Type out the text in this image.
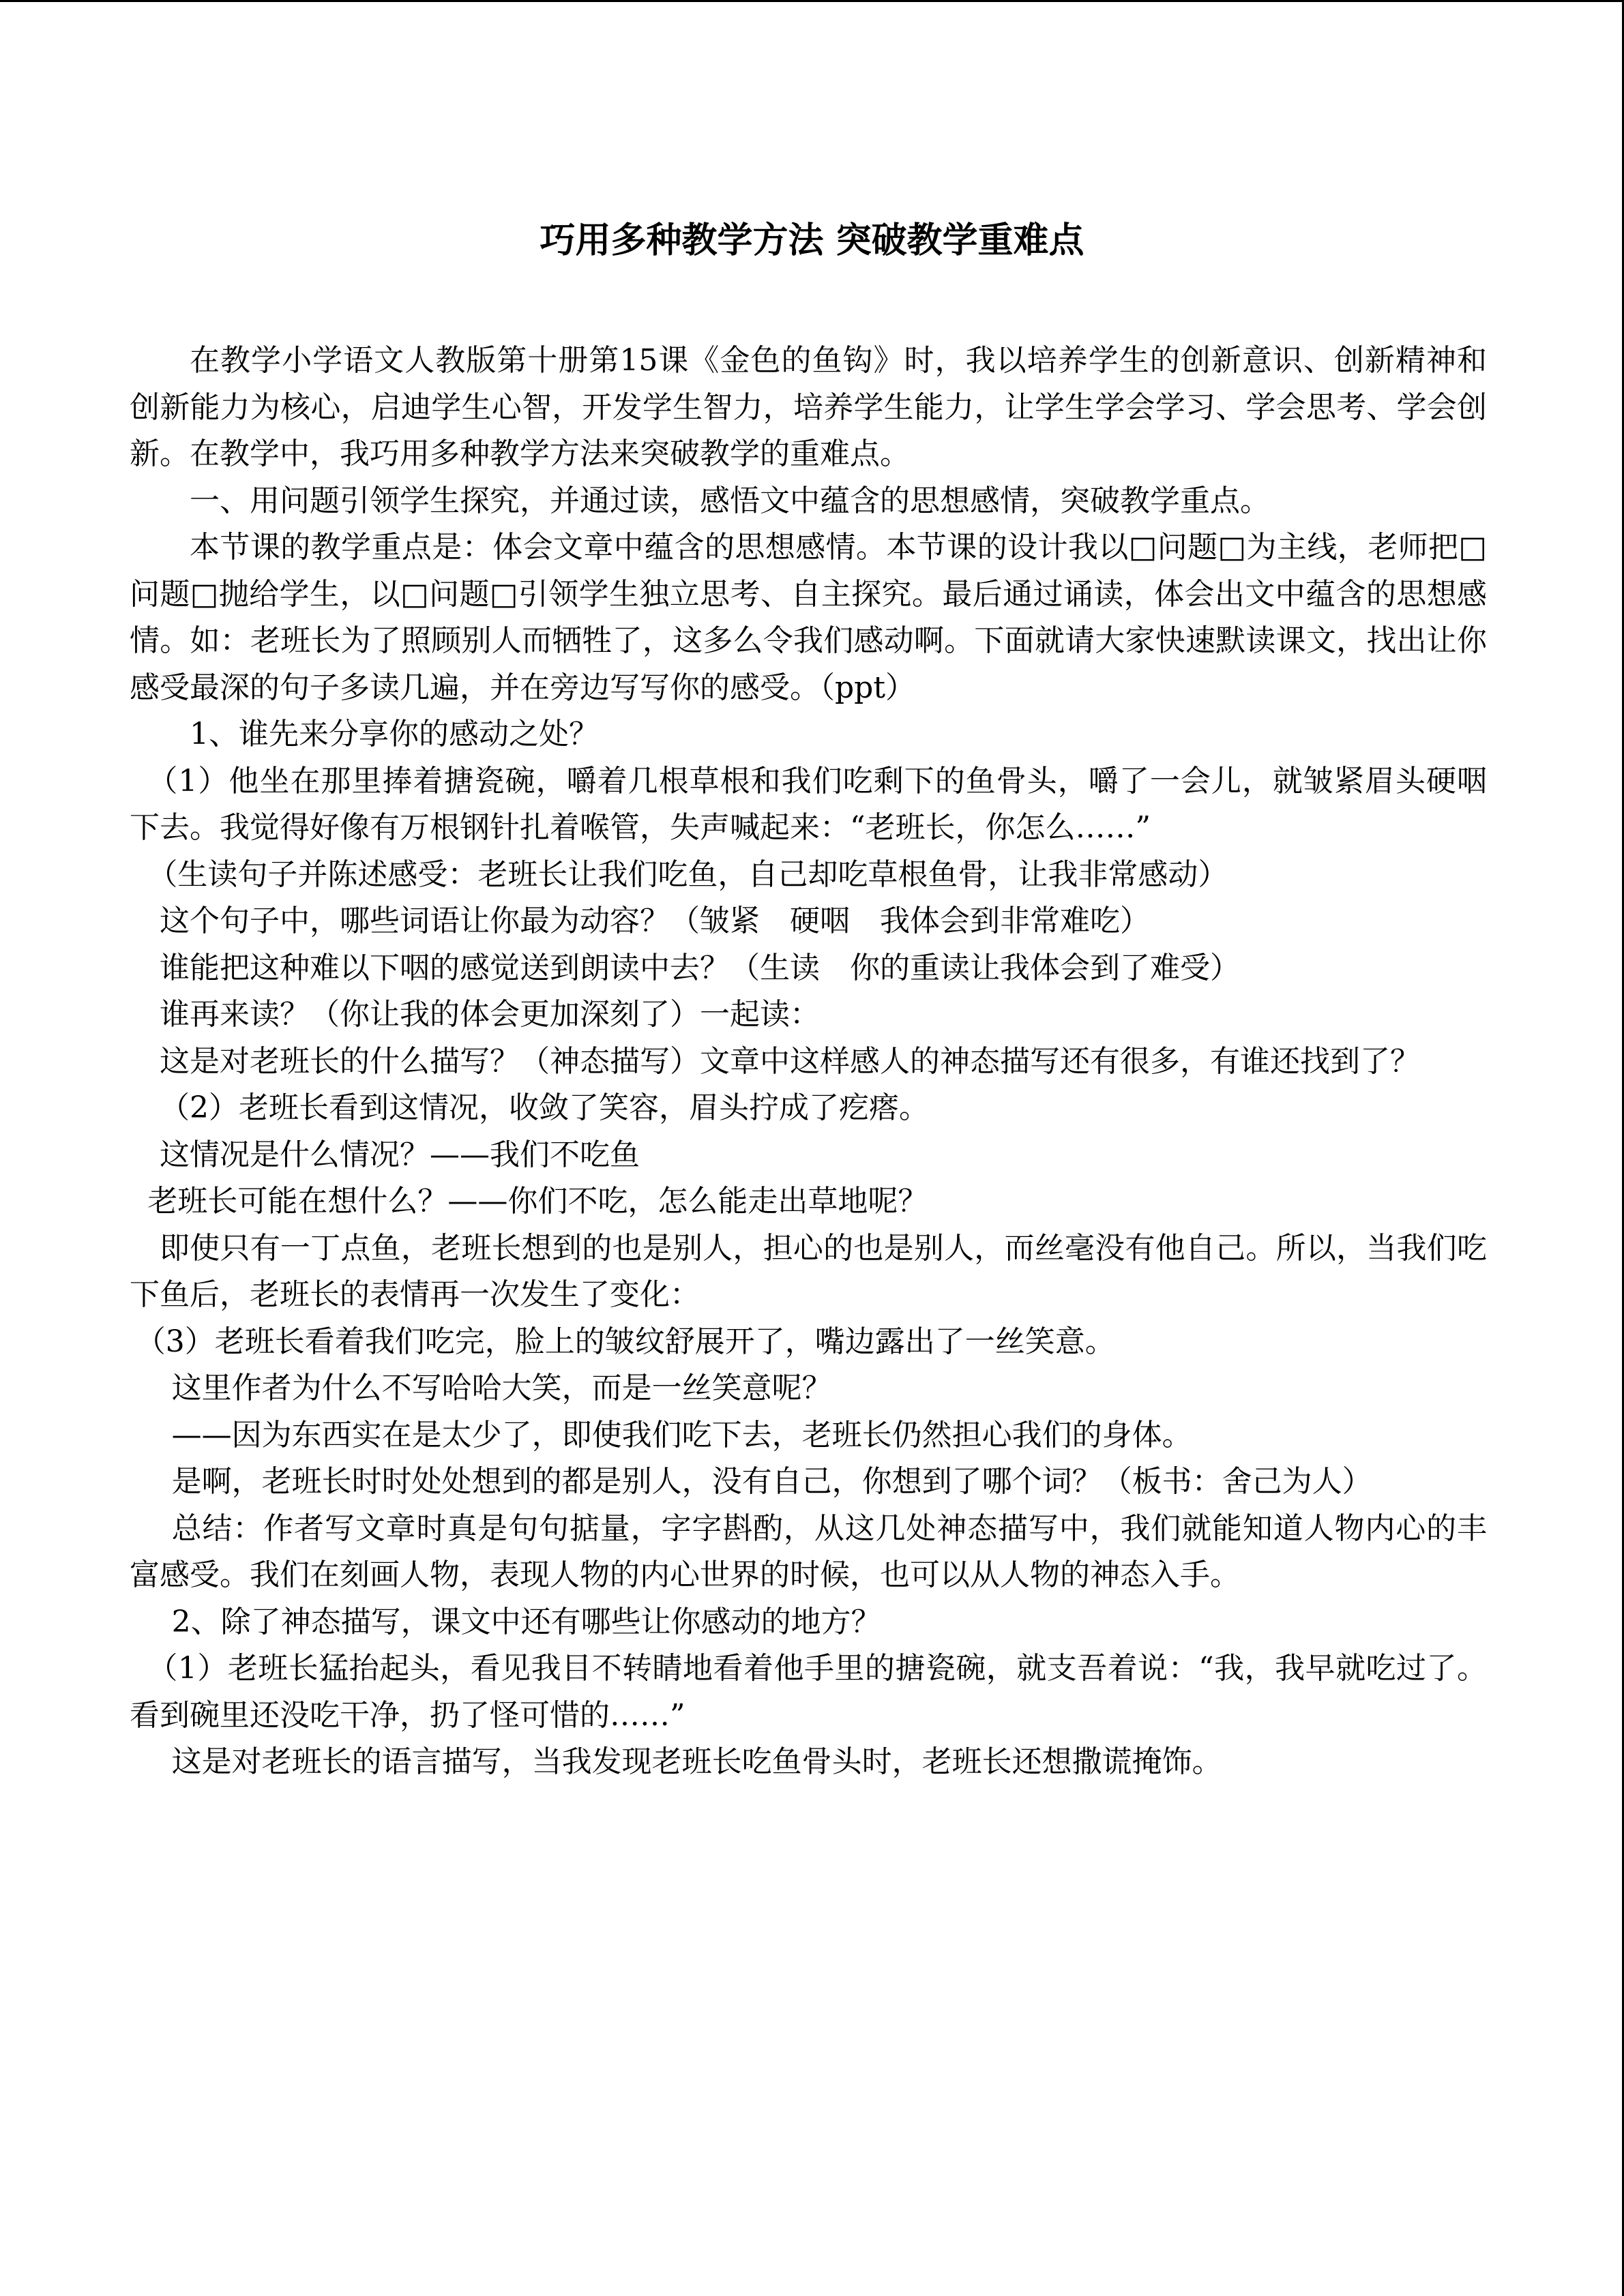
巧用多种教学方法 突破教学重难点

在教学小学语文人教版第十册第15课《金色的鱼钩》时，我以培养学生的创新意识、创新精神和创新能力为核心，启迪学生心智，开发学生智力，培养学生能力，让学生学会学习、学会思考、学会创新。在教学中，我巧用多种教学方法来突破教学的重难点。

一、用问题引领学生探究，并通过读，感悟文中蕴含的思想感情，突破教学重点。

本节课的教学重点是：体会文章中蕴含的思想感情。本节课的设计我以□问题□为主线，老师把□问题□抛给学生，以□问题□引领学生独立思考、自主探究。最后通过诵读，体会出文中蕴含的思想感情。如：老班长为了照顾别人而牺牲了，这多么令我们感动啊。下面就请大家快速默读课文，找出让你感受最深的句子多读几遍，并在旁边写写你的感受。（ppt）

1、谁先来分享你的感动之处？

（1）他坐在那里捧着搪瓷碗，嚼着几根草根和我们吃剩下的鱼骨头，嚼了一会儿，就皱紧眉头硬咽下去。我觉得好像有万根钢针扎着喉管，失声喊起来：“老班长，你怎么……”

（生读句子并陈述感受：老班长让我们吃鱼，自己却吃草根鱼骨，让我非常感动）

这个句子中，哪些词语让你最为动容？（皱紧　硬咽　我体会到非常难吃）

谁能把这种难以下咽的感觉送到朗读中去？（生读　你的重读让我体会到了难受）

谁再来读？（你让我的体会更加深刻了）一起读：

这是对老班长的什么描写？（神态描写）文章中这样感人的神态描写还有很多，有谁还找到了？

（2）老班长看到这情况，收敛了笑容，眉头拧成了疙瘩。

这情况是什么情况？——我们不吃鱼

老班长可能在想什么？——你们不吃，怎么能走出草地呢？

即使只有一丁点鱼，老班长想到的也是别人，担心的也是别人，而丝毫没有他自己。所以，当我们吃下鱼后，老班长的表情再一次发生了变化：

（3）老班长看着我们吃完，脸上的皱纹舒展开了，嘴边露出了一丝笑意。

这里作者为什么不写哈哈大笑，而是一丝笑意呢？

——因为东西实在是太少了，即使我们吃下去，老班长仍然担心我们的身体。

是啊，老班长时时处处想到的都是别人，没有自己，你想到了哪个词？（板书：舍己为人）

总结：作者写文章时真是句句掂量，字字斟酌，从这几处神态描写中，我们就能知道人物内心的丰富感受。我们在刻画人物，表现人物的内心世界的时候，也可以从人物的神态入手。

2、除了神态描写，课文中还有哪些让你感动的地方？

（1）老班长猛抬起头，看见我目不转睛地看着他手里的搪瓷碗，就支吾着说：“我，我早就吃过了。看到碗里还没吃干净，扔了怪可惜的……”

这是对老班长的语言描写，当我发现老班长吃鱼骨头时，老班长还想撒谎掩饰。
